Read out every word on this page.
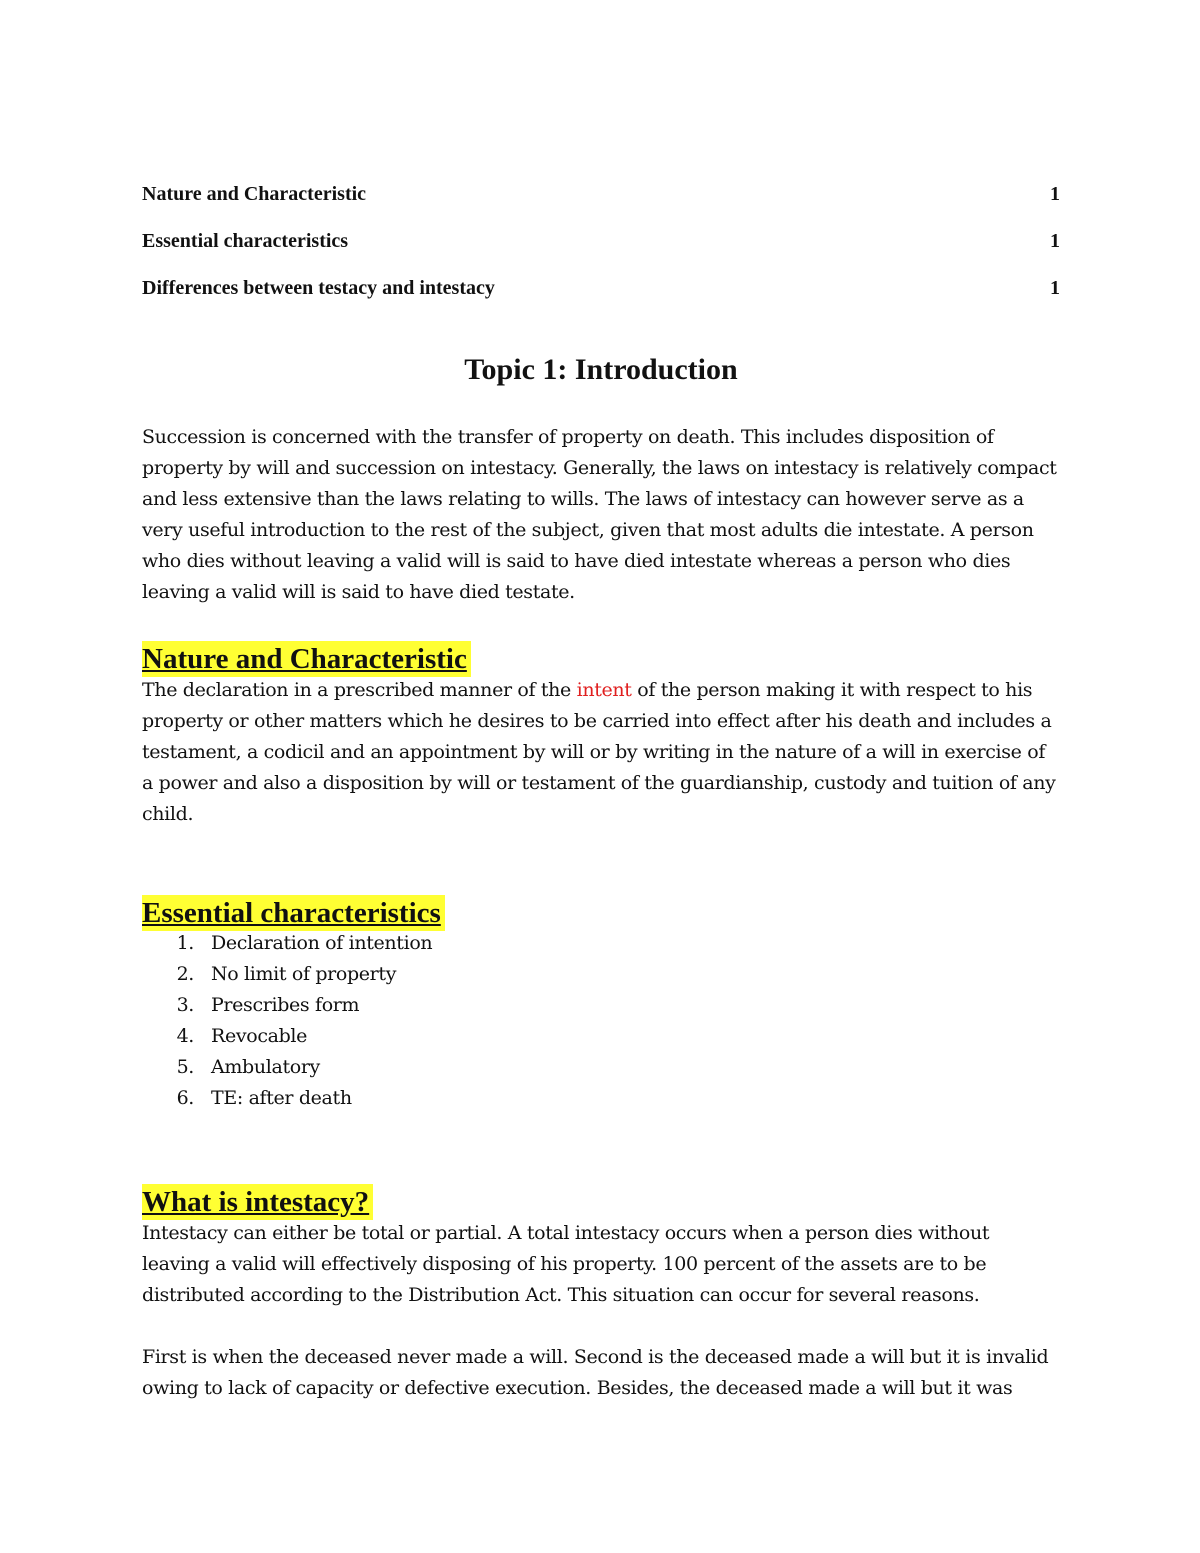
Nature and Characteristic	1
Essential characteristics	1
Differences between testacy and intestacy	1
Topic 1: Introduction

Succession is concerned with the transfer of property on death. This includes disposition of property by will and succession on intestacy. Generally, the laws on intestacy is relatively compact and less extensive than the laws relating to wills. The laws of intestacy can however serve as a very useful introduction to the rest of the subject, given that most adults die intestate. A person who dies without leaving a valid will is said to have died intestate whereas a person who dies leaving a valid will is said to have died testate.

Nature and Characteristic

The declaration in a prescribed manner of the intent of the person making it with respect to his property or other matters which he desires to be carried into effect after his death and includes a testament, a codicil and an appointment by will or by writing in the nature of a will in exercise of a power and also a disposition by will or testament of the guardianship, custody and tuition of any child.

Essential characteristics
1. Declaration of intention
2. No limit of property
3. Prescribes form
4. Revocable
5. Ambulatory
6. TE: after death
What is intestacy?

Intestacy can either be total or partial. A total intestacy occurs when a person dies without leaving a valid will effectively disposing of his property. 100 percent of the assets are to be distributed according to the Distribution Act. This situation can occur for several reasons.

First is when the deceased never made a will. Second is the deceased made a will but it is invalid owing to lack of capacity or defective execution. Besides, the deceased made a will but it was
